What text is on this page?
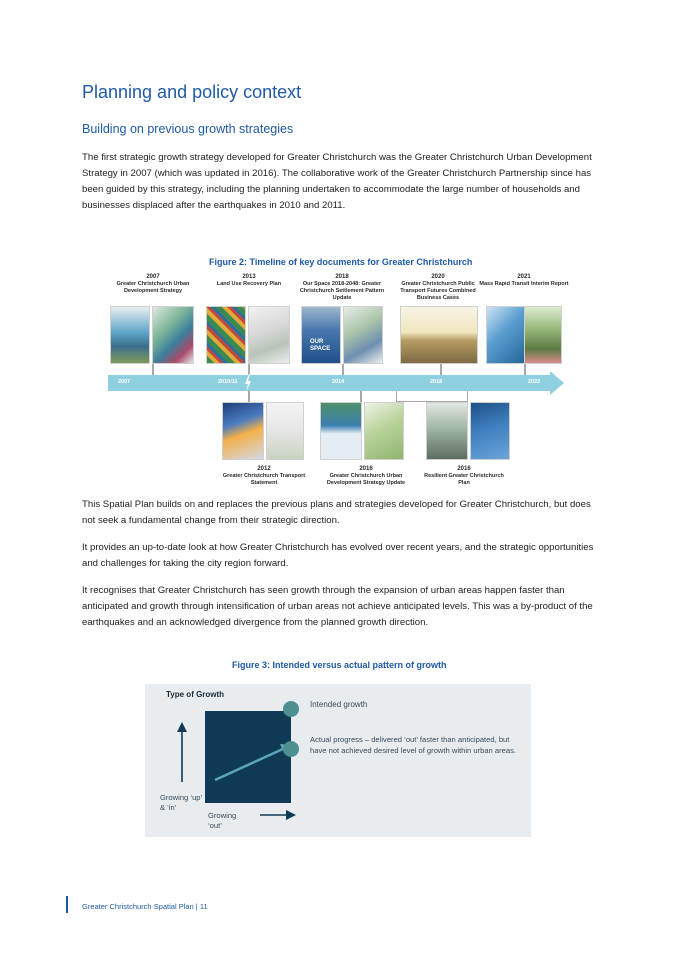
Planning and policy context
Building on previous growth strategies

The first strategic growth strategy developed for Greater Christchurch was the Greater Christchurch Urban Development Strategy in 2007 (which was updated in 2016). The collaborative work of the Greater Christchurch Partnership since has been guided by this strategy, including the planning undertaken to accommodate the large number of households and businesses displaced after the earthquakes in 2010 and 2011.

Figure 2: Timeline of key documents for Greater Christchurch
2007
Greater Christchurch Urban Development Strategy
2013
Land Use Recovery Plan
2018
Our Space 2018-2048: Greater Christchurch Settlement Pattern Update
2020
Greater Christchurch Public Transport Futures Combined Business Cases
2021
Mass Rapid Transit Interim Report
OUR SPACE
2007	2010/11	2014	2018	2022
2012
Greater Christchurch Transport Statement
2016
Greater Christchurch Urban Development Strategy Update
2016
Resilient Greater Christchurch Plan

This Spatial Plan builds on and replaces the previous plans and strategies developed for Greater Christchurch, but does not seek a fundamental change from their strategic direction.

It provides an up-to-date look at how Greater Christchurch has evolved over recent years, and the strategic opportunities and challenges for taking the city region forward.

It recognises that Greater Christchurch has seen growth through the expansion of urban areas happen faster than anticipated and growth through intensification of urban areas not achieve anticipated levels. This was a by-product of the earthquakes and an acknowledged divergence from the planned growth direction.

Figure 3: Intended versus actual pattern of growth
Type of Growth
Intended growth
Actual progress – delivered ‘out’ faster than anticipated, but have not achieved desired level of growth within urban areas.
Growing ‘up’ & ‘in’
Growing ‘out’
Greater Christchurch Spatial Plan | 11
